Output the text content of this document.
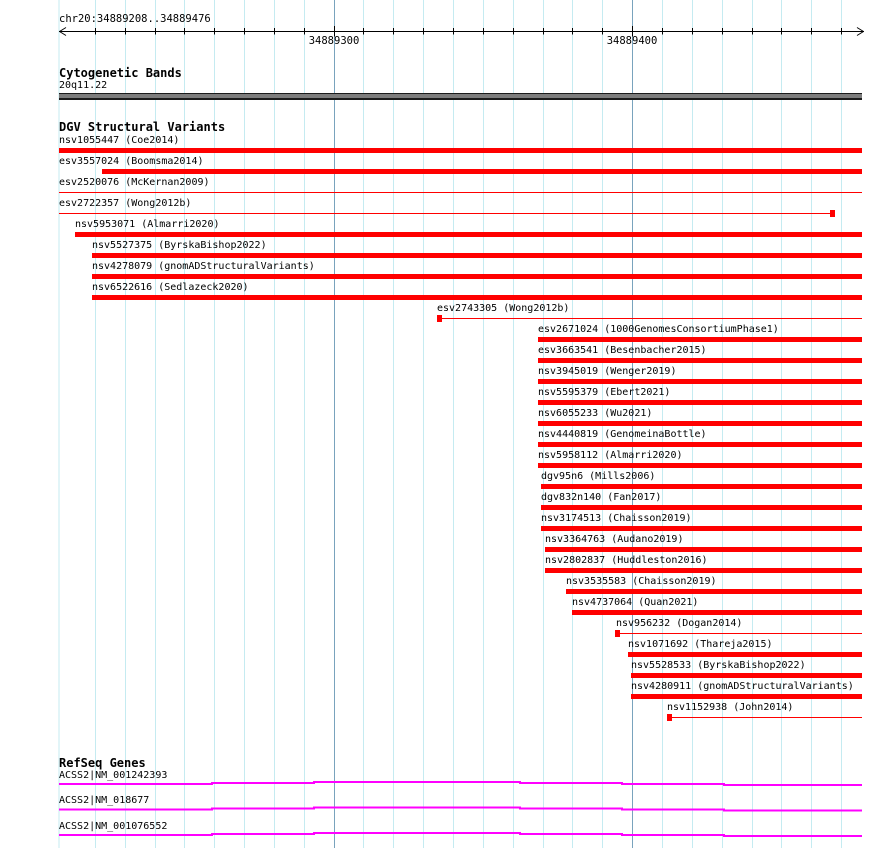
chr20:34889208..34889476
34889300	34889400
Cytogenetic Bands
20q11.22
DGV Structural Variants
nsv1055447 (Coe2014)
esv3557024 (Boomsma2014)
esv2520076 (McKernan2009)
esv2722357 (Wong2012b)
nsv5953071 (Almarri2020)
nsv5527375 (ByrskaBishop2022)
nsv4278079 (gnomADStructuralVariants)
nsv6522616 (Sedlazeck2020)
esv2743305 (Wong2012b)
esv2671024 (1000GenomesConsortiumPhase1)
esv3663541 (Besenbacher2015)
nsv3945019 (Wenger2019)
nsv5595379 (Ebert2021)
nsv6055233 (Wu2021)
nsv4440819 (GenomeinaBottle)
nsv5958112 (Almarri2020)
dgv95n6 (Mills2006)
dgv832n140 (Fan2017)
nsv3174513 (Chaisson2019)
nsv3364763 (Audano2019)
nsv2802837 (Huddleston2016)
nsv3535583 (Chaisson2019)
nsv4737064 (Quan2021)
nsv956232 (Dogan2014)
nsv1071692 (Thareja2015)
nsv5528533 (ByrskaBishop2022)
nsv4280911 (gnomADStructuralVariants)
nsv1152938 (John2014)
RefSeq Genes
ACSS2|NM_001242393
ACSS2|NM_018677
ACSS2|NM_001076552
